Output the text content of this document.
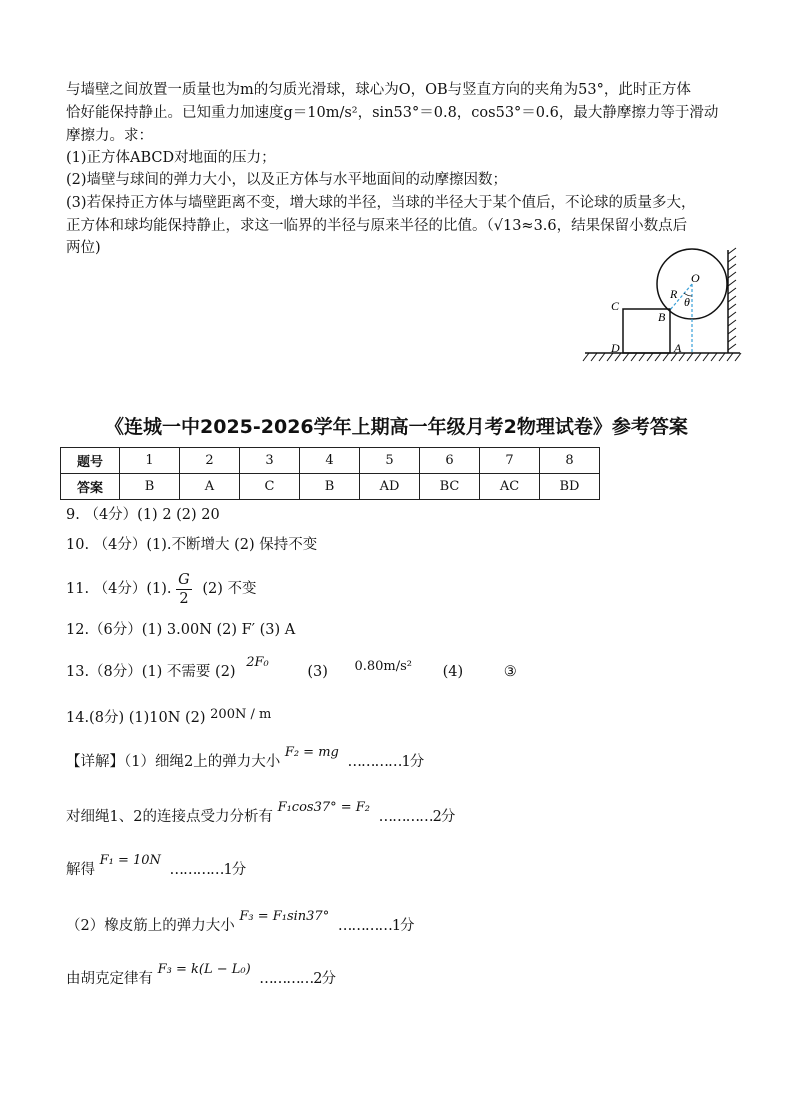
与墙壁之间放置一质量也为m的匀质光滑球，球心为O，OB与竖直方向的夹角为53°，此时正方体
恰好能保持静止。已知重力加速度g＝10m/s²，sin53°＝0.8，cos53°＝0.6，最大静摩擦力等于滑动
摩擦力。求：
(1)正方体ABCD对地面的压力；
(2)墙壁与球间的弹力大小，以及正方体与水平地面间的动摩擦因数；
(3)若保持正方体与墙壁距离不变，增大球的半径，当球的半径大于某个值后，不论球的质量多大，
正方体和球均能保持静止，求这一临界的半径与原来半径的比值。（√13≈3.6，结果保留小数点后
两位)
O
R
θ
B
C
D	A
《连城一中2025-2026学年上期高一年级月考2物理试卷》参考答案
题号	1	2	3	4	5	6	7	8
答案	B	A	C	B	AD	BC	AC	BD
9. （4分）(1) 2 (2) 20
10. （4分）(1).不断增大 (2) 保持不变
11. （4分）(1). $\frac{G}{2} (2)$ 不变
12.（6分）(1) 3.00N (2) F′ (3) A
13.（8分）(1) 不需要 (2) 2F₀ (3) 0.80m/s² (4)	③
14.(8分) (1)10N (2) 200N / m
【详解】（1）细绳2上的弹力大小 F₂ = mg …………1分
对细绳1、2的连接点受力分析有 F₁cos37° = F₂ …………2分
解得 F₁ = 10N …………1分
（2）橡皮筋上的弹力大小 F₃ = F₁sin37° …………1分
由胡克定律有 F₃ = k(L − L₀) …………2分
